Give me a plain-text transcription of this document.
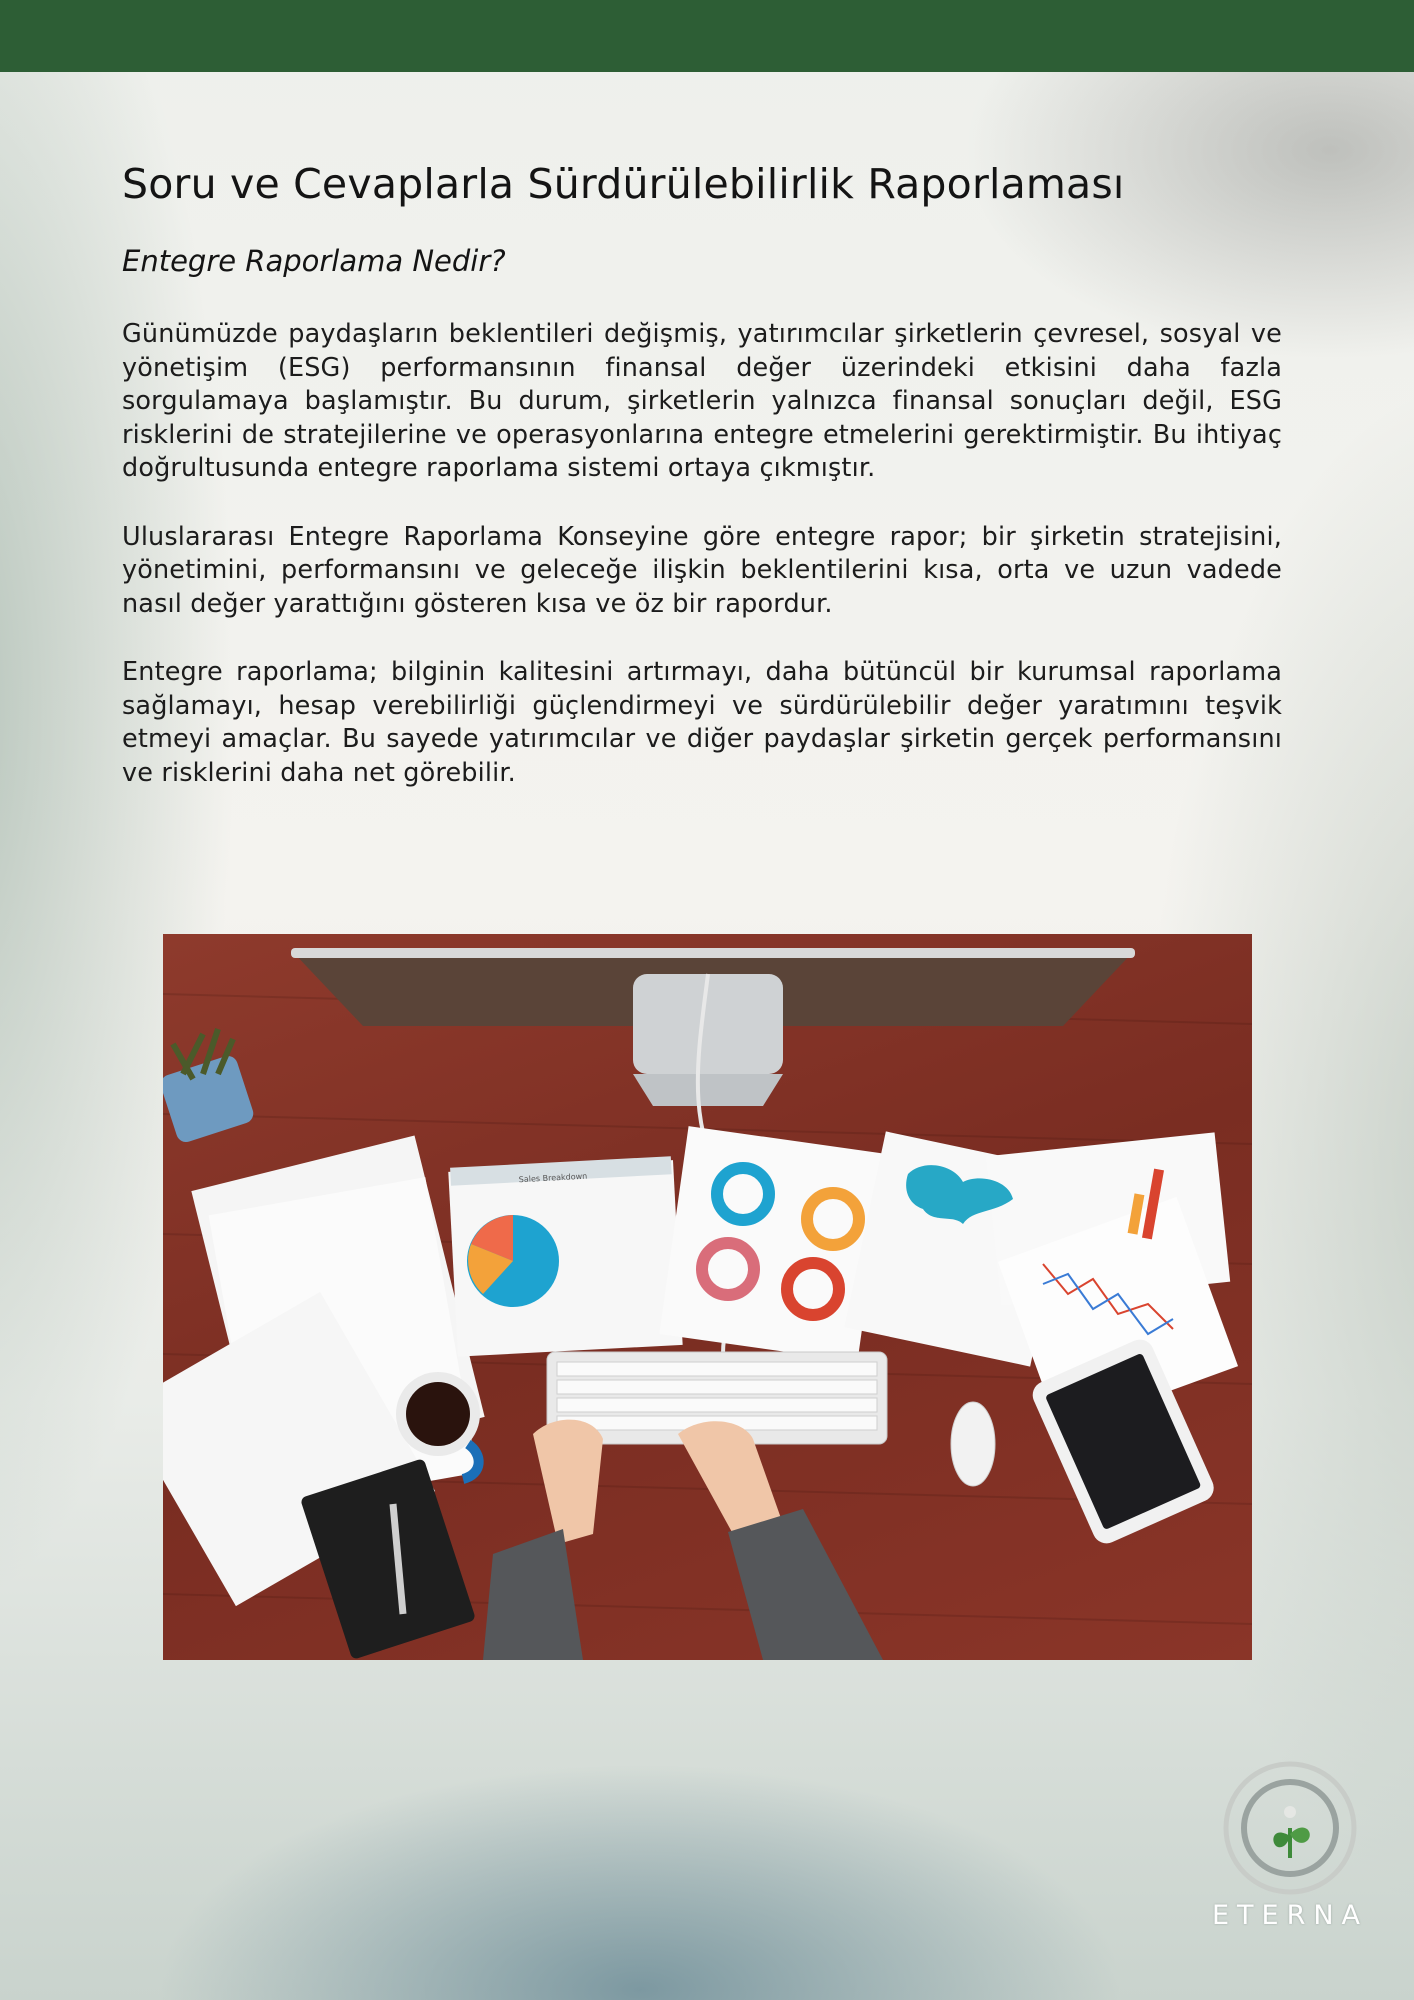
Soru ve Cevaplarla Sürdürülebilirlik Raporlaması
Entegre Raporlama Nedir?

Günümüzde paydaşların beklentileri değişmiş, yatırımcılar şirketlerin çevresel, sosyal ve yönetişim (ESG) performansının finansal değer üzerindeki etkisini daha fazla sorgulamaya başlamıştır. Bu durum, şirketlerin yalnızca finansal sonuçları değil, ESG risklerini de stratejilerine ve operasyonlarına entegre etmelerini gerektirmiştir. Bu ihtiyaç doğrultusunda entegre raporlama sistemi ortaya çıkmıştır.

Uluslararası Entegre Raporlama Konseyine göre entegre rapor; bir şirketin stratejisini, yönetimini, performansını ve geleceğe ilişkin beklentilerini kısa, orta ve uzun vadede nasıl değer yarattığını gösteren kısa ve öz bir rapordur.

Entegre raporlama; bilginin kalitesini artırmayı, daha bütüncül bir kurumsal raporlama sağlamayı, hesap verebilirliği güçlendirmeyi ve sürdürülebilir değer yaratımını teşvik etmeyi amaçlar. Bu sayede yatırımcılar ve diğer paydaşlar şirketin gerçek performansını ve risklerini daha net görebilir.

Sales Breakdown
ETERNA
